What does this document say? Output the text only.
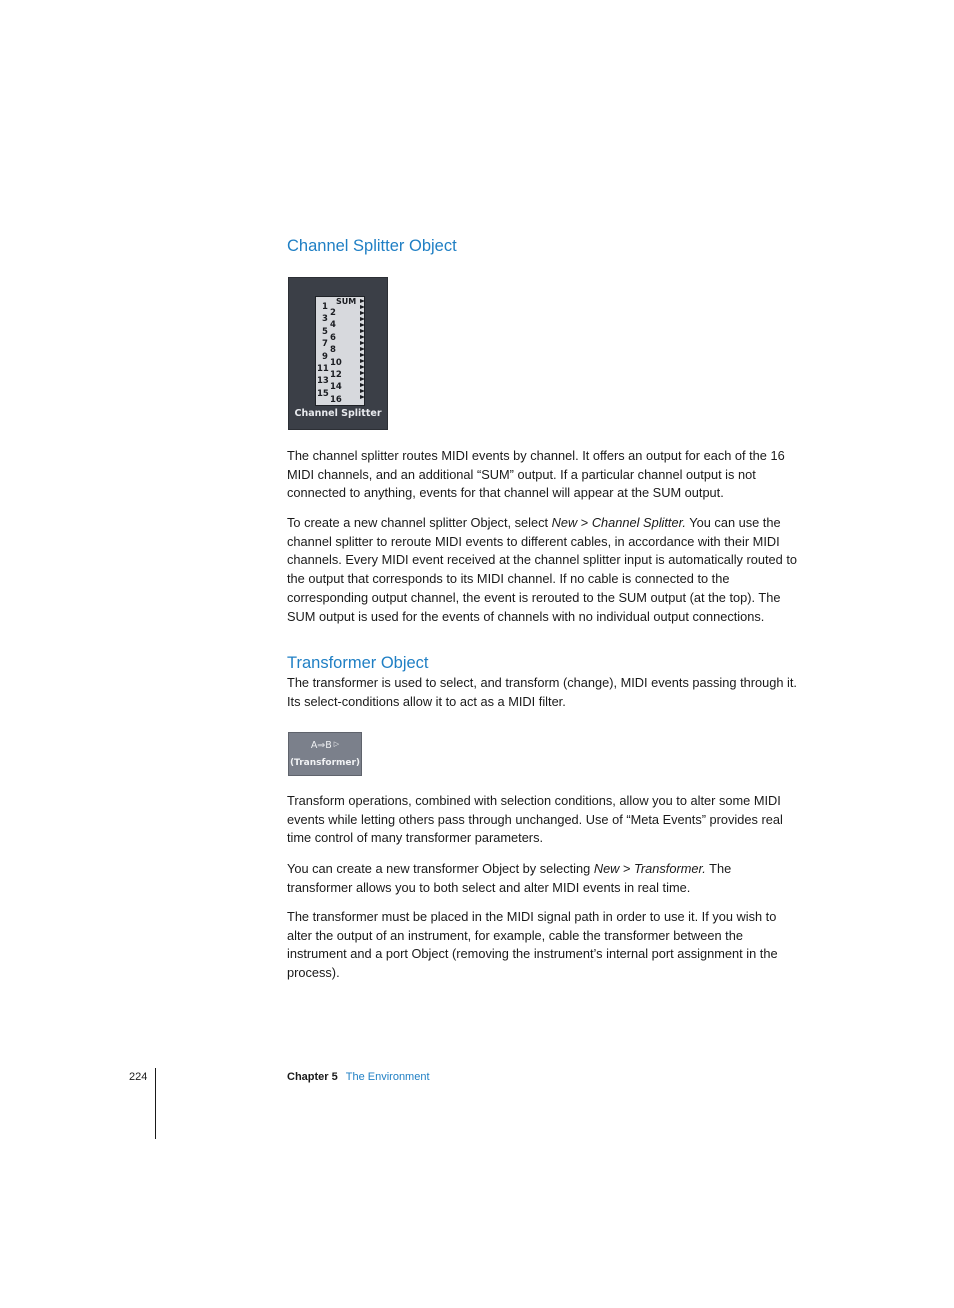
Channel Splitter Object
SUM
1
3
5
7
9
11
13
15
2
4
6
8
10
12
14
16
Channel Splitter

The channel splitter routes MIDI events by channel. It offers an output for each of the 16 MIDI channels, and an additional “SUM” output. If a particular channel output is not connected to anything, events for that channel will appear at the SUM output.

To create a new channel splitter Object, select New > Channel Splitter. You can use the channel splitter to reroute MIDI events to different cables, in accordance with their MIDI channels. Every MIDI event received at the channel splitter input is automatically routed to the output that corresponds to its MIDI channel. If no cable is connected to the corresponding output channel, the event is rerouted to the SUM output (at the top). The SUM output is used for the events of channels with no individual output connections.

Transformer Object

The transformer is used to select, and transform (change), MIDI events passing through it. Its select-conditions allow it to act as a MIDI filter.

A⇒B ▷
(Transformer)

Transform operations, combined with selection conditions, allow you to alter some MIDI events while letting others pass through unchanged. Use of “Meta Events” provides real time control of many transformer parameters.

You can create a new transformer Object by selecting New > Transformer. The transformer allows you to both select and alter MIDI events in real time.

The transformer must be placed in the MIDI signal path in order to use it. If you wish to alter the output of an instrument, for example, cable the transformer between the instrument and a port Object (removing the instrument’s internal port assignment in the process).

224	Chapter 5 The Environment
